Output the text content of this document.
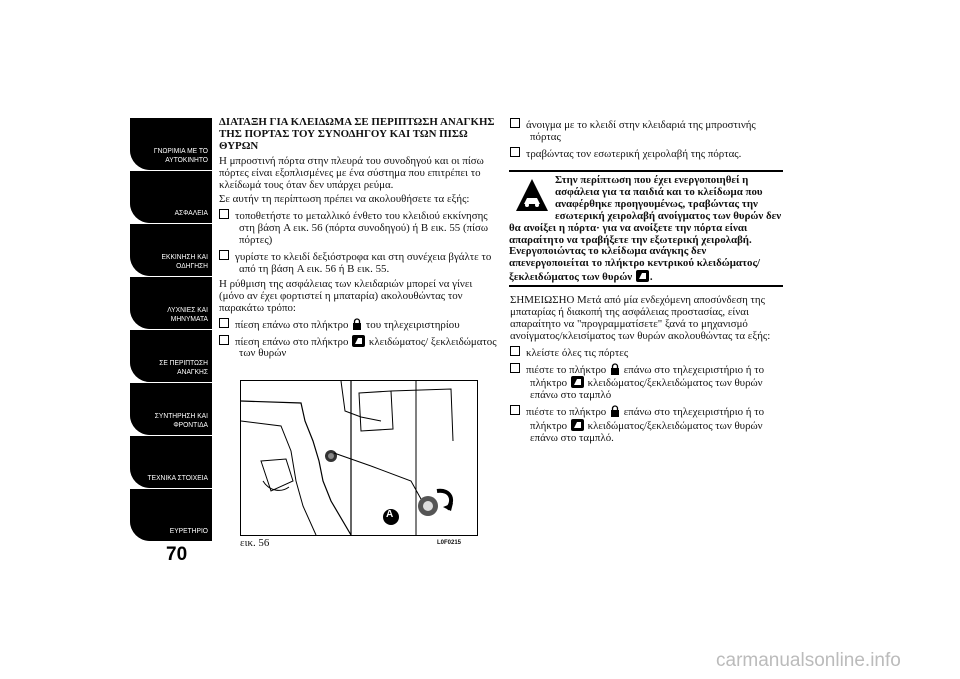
ΓΝΩΡΙΜΙΑ ΜΕ ΤΟ ΑΥΤΟΚΙΝΗΤΟ
ΑΣΦΑΛΕΙΑ
ΕΚΚΙΝΗΣΗ ΚΑΙ ΟΔΗΓΗΣΗ
ΛΥΧΝΙΕΣ ΚΑΙ ΜΗΝΥΜΑΤΑ
ΣΕ ΠΕΡΙΠΤΩΣΗ ΑΝΑΓΚΗΣ
ΣΥΝΤΗΡΗΣΗ ΚΑΙ ΦΡΟΝΤΙΔΑ
ΤΕΧΝΙΚΑ ΣΤΟΙΧΕΙΑ
ΕΥΡΕΤΗΡΙΟ
70

ΔΙΑΤΑΞΗ ΓΙΑ ΚΛΕΙΔΩΜΑ ΣΕ ΠΕΡΙΠΤΩΣΗ ΑΝΑΓΚΗΣ ΤΗΣ ΠΟΡΤΑΣ ΤΟΥ ΣΥΝΟΔΗΓΟΥ ΚΑΙ ΤΩΝ ΠΙΣΩ ΘΥΡΩΝ

Η μπροστινή πόρτα στην πλευρά του συνοδηγού και οι πίσω πόρτες είναι εξοπλισμένες με ένα σύστημα που επιτρέπει το κλείδωμά τους όταν δεν υπάρχει ρεύμα.

Σε αυτήν τη περίπτωση πρέπει να ακολουθήσετε τα εξής:

τοποθετήστε το μεταλλικό ένθετο του κλειδιού εκκίνησης στη βάση A εικ. 56 (πόρτα συνοδηγού) ή B εικ. 55 (πίσω πόρτες)

γυρίστε το κλειδί δεξιόστροφα και στη συνέχεια βγάλτε το από τη βάση A εικ. 56 ή B εικ. 55.

Η ρύθμιση της ασφάλειας των κλειδαριών μπορεί να γίνει (μόνο αν έχει φορτιστεί η μπαταρία) ακολουθώντας τον παρακάτω τρόπο:

πίεση επάνω στο πλήκτρο του τηλεχειριστηρίου

πίεση επάνω στο πλήκτρο κλειδώματος/ ξεκλειδώματος των θυρών

A
εικ. 56	L0F0215

άνοιγμα με το κλειδί στην κλειδαριά της μπροστινής πόρτας

τραβώντας τον εσωτερική χειρολαβή της πόρτας.

Στην περίπτωση που έχει ενεργοποιηθεί η ασφάλεια για τα παιδιά και το κλείδωμα που αναφέρθηκε προηγουμένως, τραβώντας την εσωτερική χειρολαβή ανοίγματος των θυρών δεν θα ανοίξει η πόρτα· για να ανοίξετε την πόρτα είναι απαραίτητο να τραβήξετε την εξωτερική χειρολαβή. Ενεργοποιώντας το κλείδωμα ανάγκης δεν απενεργοποιείται το πλήκτρο κεντρικού κλειδώματος/ ξεκλειδώματος των θυρών .

ΣΗΜΕΙΩΣΗΟ Μετά από μία ενδεχόμενη αποσύνδεση της μπαταρίας ή διακοπή της ασφάλειας προστασίας, είναι απαραίτητο να "προγραμματίσετε" ξανά το μηχανισμό ανοίγματος/κλεισίματος των θυρών ακολουθώντας τα εξής:

κλείστε όλες τις πόρτες

πιέστε το πλήκτρο επάνω στο τηλεχειριστήριο ή το πλήκτρο κλειδώματος/ξεκλειδώματος των θυρών επάνω στο ταμπλό

πιέστε το πλήκτρο επάνω στο τηλεχειριστήριο ή το πλήκτρο κλειδώματος/ξεκλειδώματος των θυρών επάνω στο ταμπλό.

carmanualsonline.info
